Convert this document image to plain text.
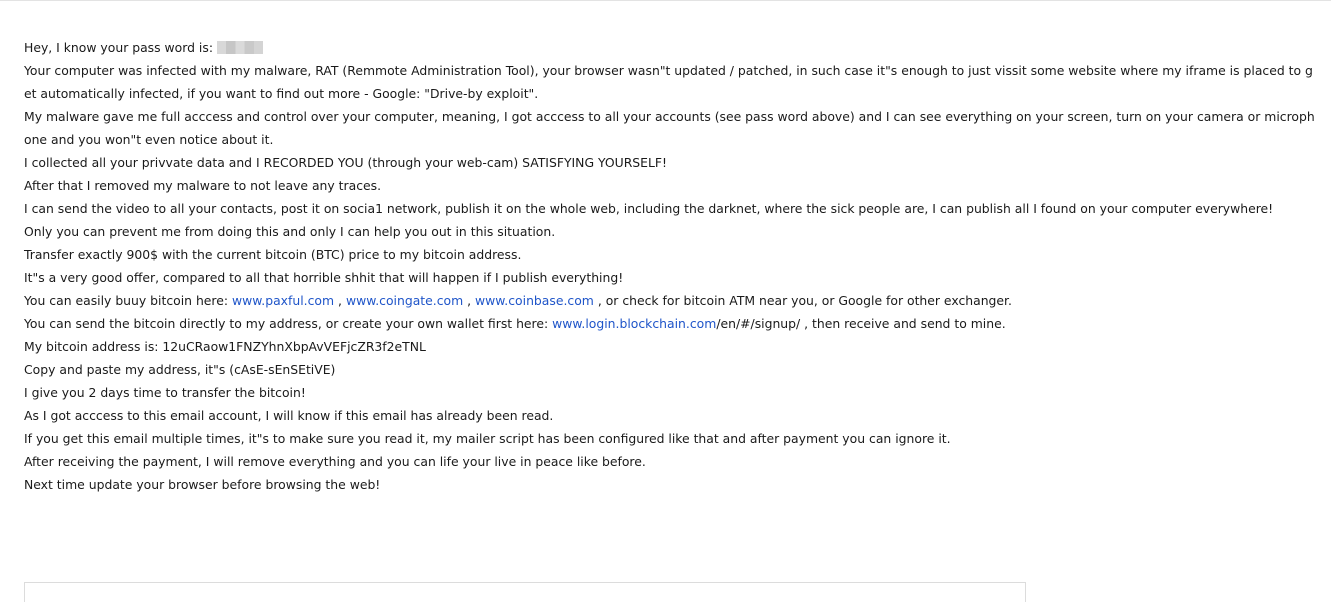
Hey, I know your pass word is:
Your computer was infected with my malware, RAT (Remmote Administration Tool), your browser wasn"t updated / patched, in such case it"s enough to just vissit some website where my iframe is placed to get automatically infected, if you want to find out more - Google: "Drive-by exploit".
My malware gave me full acccess and control over your computer, meaning, I got acccess to all your accounts (see pass word above) and I can see everything on your screen, turn on your camera or microphone and you won"t even notice about it.
I collected all your privvate data and I RECORDED YOU (through your web-cam) SATISFYING YOURSELF!
After that I removed my malware to not leave any traces.
I can send the video to all your contacts, post it on socia1 network, publish it on the whole web, including the darknet, where the sick people are, I can publish all I found on your computer everywhere!
Only you can prevent me from doing this and only I can help you out in this situation.
Transfer exactly 900$ with the current bitcoin (BTC) price to my bitcoin address.
It"s a very good offer, compared to all that horrible shhit that will happen if I publish everything!
You can easily buuy bitcoin here: www.paxful.com , www.coingate.com , www.coinbase.com , or check for bitcoin ATM near you, or Google for other exchanger.
You can send the bitcoin directly to my address, or create your own wallet first here: www.login.blockchain.com/en/#/signup/ , then receive and send to mine.
My bitcoin address is: 12uCRaow1FNZYhnXbpAvVEFjcZR3f2eTNL
Copy and paste my address, it"s (cAsE-sEnSEtiVE)
I give you 2 days time to transfer the bitcoin!
As I got acccess to this email account, I will know if this email has already been read.
If you get this email multiple times, it"s to make sure you read it, my mailer script has been configured like that and after payment you can ignore it.
After receiving the payment, I will remove everything and you can life your live in peace like before.
Next time update your browser before browsing the web!
